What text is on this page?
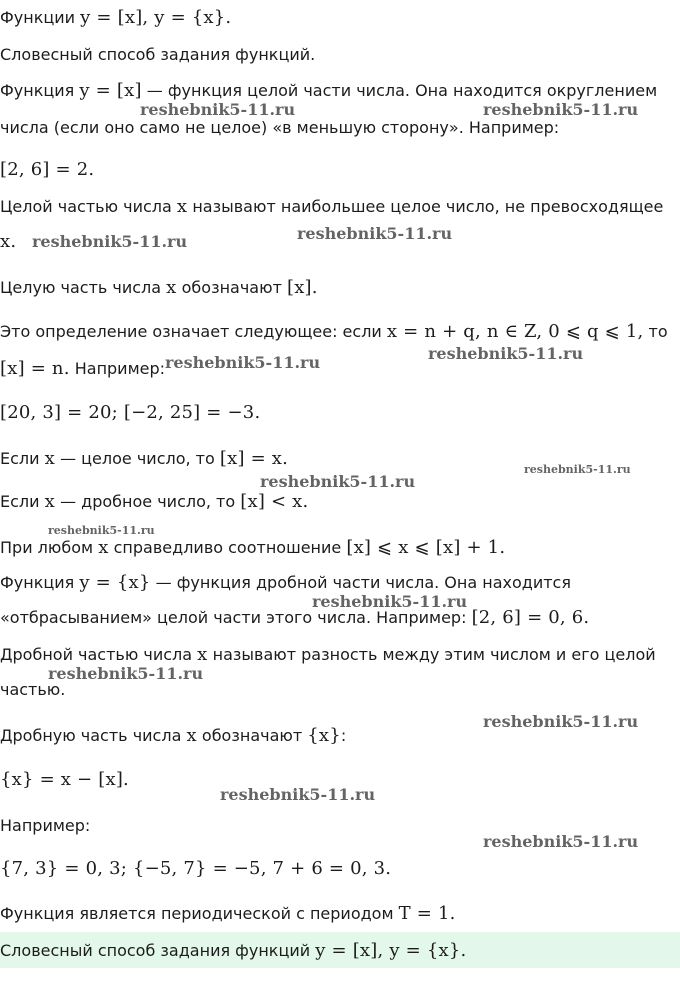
Функции y = [x], y = {x}.
Словесный способ задания функций.
Функция y = [x] — функция целой части числа. Она находится округлением
числа (если оно само не целое) «в меньшую сторону». Например:
[2, 6] = 2.
Целой частью числа x называют наибольшее целое число, не превосходящее
x.
Целую часть числа x обозначают [x].
Это определение означает следующее: если x = n + q, n ∈ Z, 0 ⩽ q ⩽ 1, то
[x] = n. Например:
[20, 3] = 20; [−2, 25] = −3.
Если x — целое число, то [x] = x.
Если x — дробное число, то [x] < x.
При любом x справедливо соотношение [x] ⩽ x ⩽ [x] + 1.
Функция y = {x} — функция дробной части числа. Она находится
«отбрасыванием» целой части этого числа. Например: [2, 6] = 0, 6.
Дробной частью числа x называют разность между этим числом и его целой
частью.
Дробную часть числа x обозначают {x}:
{x} = x − [x].
Например:
{7, 3} = 0, 3; {−5, 7} = −5, 7 + 6 = 0, 3.
Функция является периодической с периодом T = 1.
Словесный способ задания функций y = [x], y = {x}.
reshebnik5-11.ru	reshebnik5-11.ru
reshebnik5-11.ru	reshebnik5-11.ru
reshebnik5-11.ru	reshebnik5-11.ru
reshebnik5-11.ru
reshebnik5-11.ru
reshebnik5-11.ru
reshebnik5-11.ru
reshebnik5-11.ru
reshebnik5-11.ru
reshebnik5-11.ru
reshebnik5-11.ru
